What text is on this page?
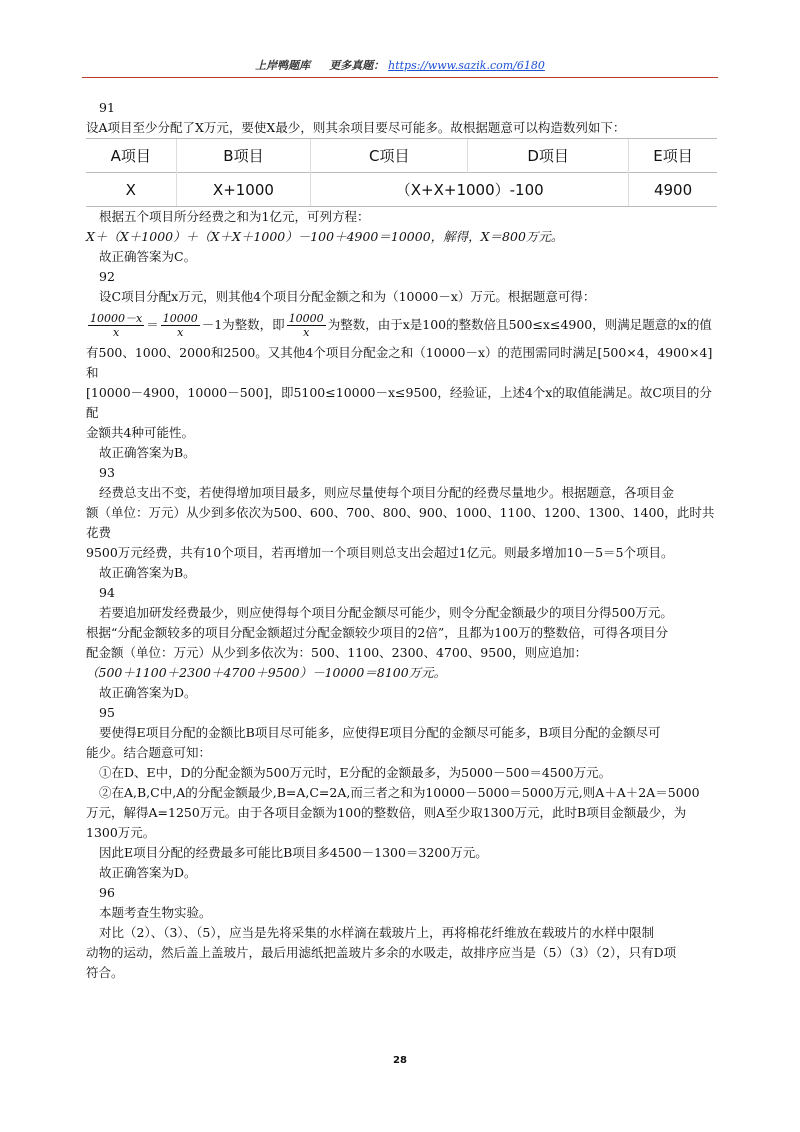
上岸鸭题库 更多真题： https://www.sazik.com/6180

91

设A项目至少分配了X万元，要使X最少，则其余项目要尽可能多。故根据题意可以构造数列如下：

A项目	B项目	C项目	D项目	E项目
X	X+1000	（X+X+1000）-100		4900

根据五个项目所分经费之和为1亿元，可列方程：

X＋（X＋1000）＋（X＋X＋1000）－100＋4900＝10000，解得，X＝800万元。

故正确答案为C。

92

设C项目分配x万元，则其他4个项目分配金额之和为（10000－x）万元。根据题意可得：

$\frac{10000-x}{x} = \frac{10000}{x} -1$为整数，即 $\frac{10000}{x}$ 为整数，由于x是100的整数倍且500≤x≤4900，则满足题意的x的值

有500、1000、2000和2500。又其他4个项目分配金之和（10000－x）的范围需同时满足[500×4，4900×4]和

[10000－4900，10000－500]，即5100≤10000－x≤9500，经验证，上述4个x的取值能满足。故C项目的分配

金额共4种可能性。

故正确答案为B。

93

经费总支出不变，若使得增加项目最多，则应尽量使每个项目分配的经费尽量地少。根据题意，各项目金

额（单位：万元）从少到多依次为500、600、700、800、900、1000、1100、1200、1300、1400，此时共花费

9500万元经费，共有10个项目，若再增加一个项目则总支出会超过1亿元。则最多增加10－5＝5个项目。

故正确答案为B。

94

若要追加研发经费最少，则应使得每个项目分配金额尽可能少，则令分配金额最少的项目分得500万元。

根据“分配金额较多的项目分配金额超过分配金额较少项目的2倍”，且都为100万的整数倍，可得各项目分

配金额（单位：万元）从少到多依次为：500、1100、2300、4700、9500，则应追加：

（500＋1100＋2300＋4700＋9500）－10000＝8100万元。

故正确答案为D。

95

要使得E项目分配的金额比B项目尽可能多，应使得E项目分配的金额尽可能多，B项目分配的金额尽可

能少。结合题意可知：

①在D、E中，D的分配金额为500万元时，E分配的金额最多，为5000－500＝4500万元。

②在A,B,C中,A的分配金额最少,B=A,C=2A,而三者之和为10000－5000＝5000万元,则A＋A＋2A＝5000

万元，解得A=1250万元。由于各项目金额为100的整数倍，则A至少取1300万元，此时B项目金额最少，为

1300万元。

因此E项目分配的经费最多可能比B项目多4500－1300＝3200万元。

故正确答案为D。

96

本题考查生物实验。

对比（2）、（3）、（5），应当是先将采集的水样滴在载玻片上，再将棉花纤维放在载玻片的水样中限制

动物的运动，然后盖上盖玻片，最后用滤纸把盖玻片多余的水吸走，故排序应当是（5）（3）（2），只有D项

符合。

28
